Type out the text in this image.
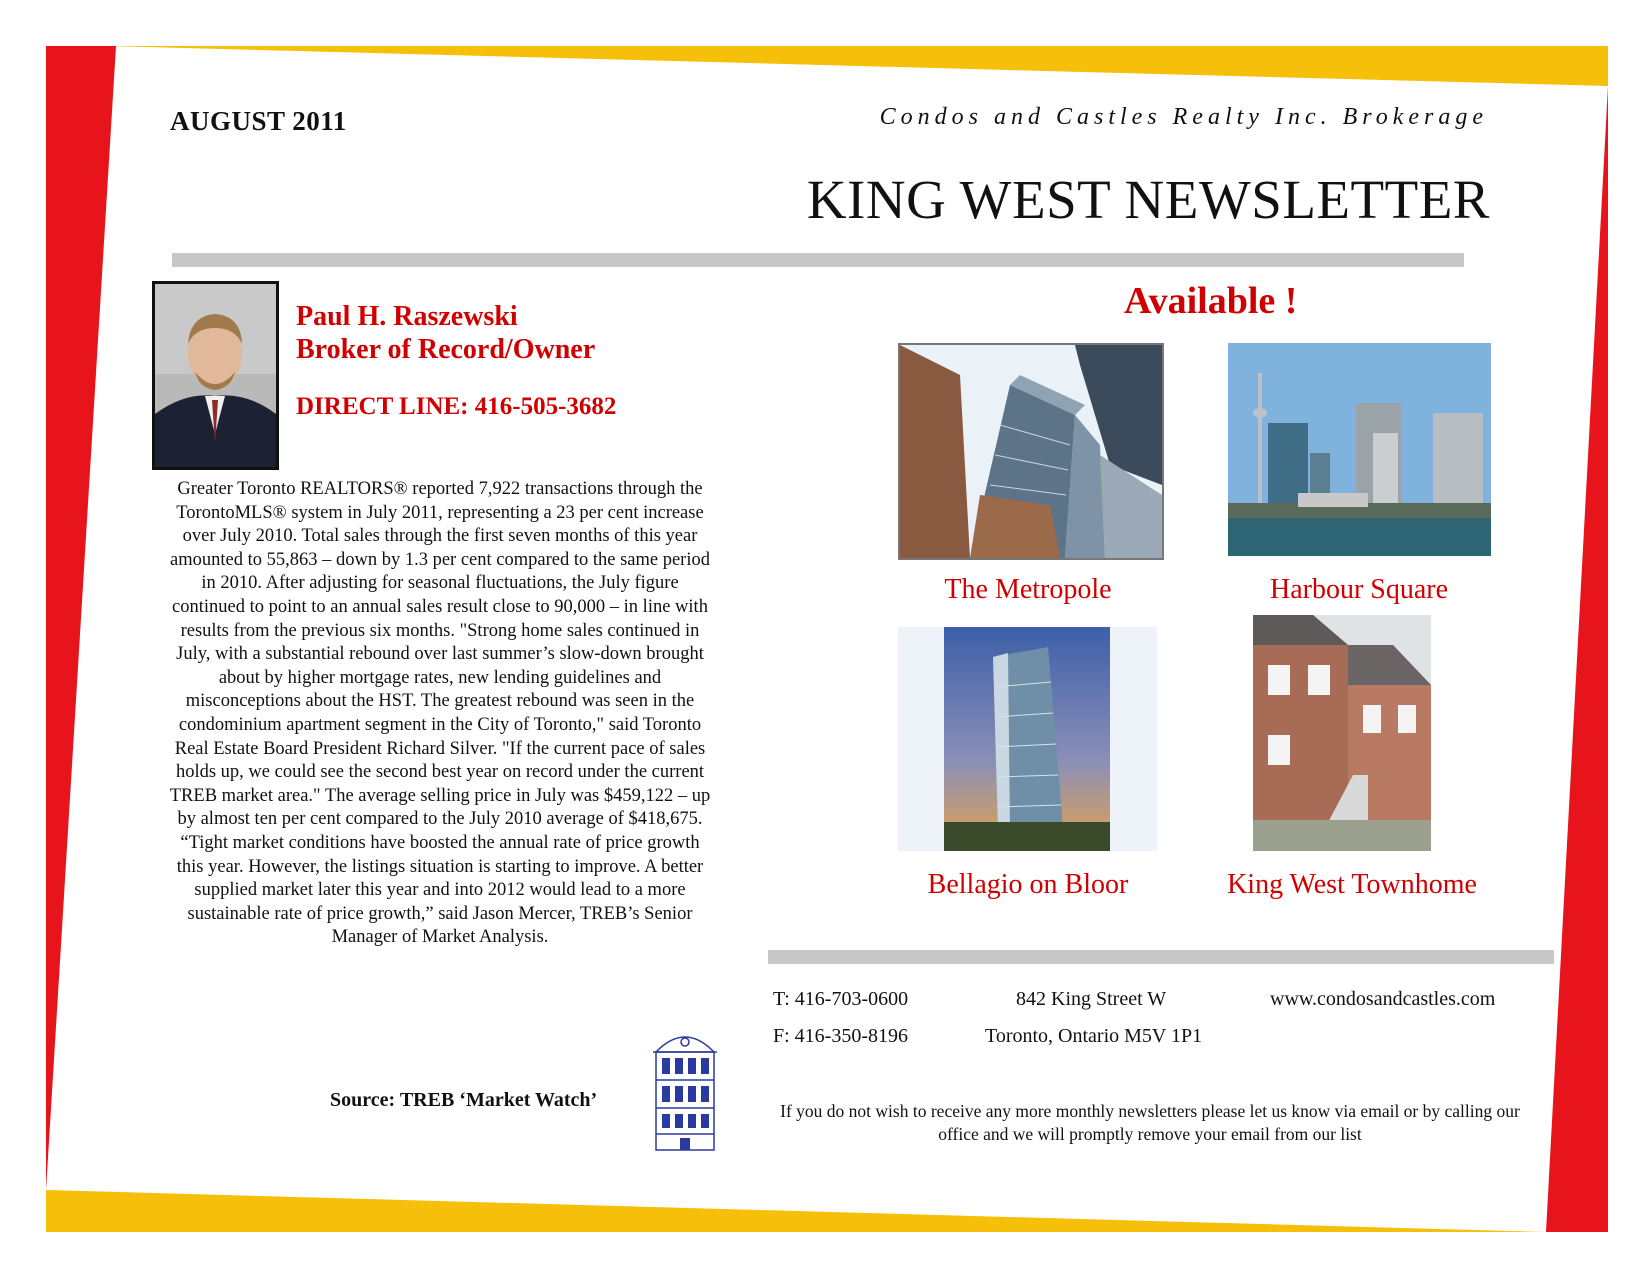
AUGUST 2011	Condos and Castles Realty Inc. Brokerage
KING WEST NEWSLETTER
Paul H. Raszewski
Broker of Record/Owner
DIRECT LINE: 416-505-3682
Greater Toronto REALTORS® reported 7,922 transactions through the TorontoMLS® system in July 2011, representing a 23 per cent increase over July 2010. Total sales through the first seven months of this year amounted to 55,863 – down by 1.3 per cent compared to the same period in 2010. After adjusting for seasonal fluctuations, the July figure continued to point to an annual sales result close to 90,000 – in line with results from the previous six months. "Strong home sales continued in July, with a substantial rebound over last summer’s slow-down brought about by higher mortgage rates, new lending guidelines and misconceptions about the HST. The greatest rebound was seen in the condominium apartment segment in the City of Toronto," said Toronto Real Estate Board President Richard Silver. "If the current pace of sales holds up, we could see the second best year on record under the current TREB market area." The average selling price in July was $459,122 – up by almost ten per cent compared to the July 2010 average of $418,675. “Tight market conditions have boosted the annual rate of price growth this year. However, the listings situation is starting to improve. A better supplied market later this year and into 2012 would lead to a more sustainable rate of price growth,” said Jason Mercer, TREB’s Senior Manager of Market Analysis.
Source: TREB ‘Market Watch’
Available !
The Metropole	Harbour Square
Bellagio on Bloor	King West Townhome
T: 416-703-0600
F: 416-350-8196
842 King Street W
Toronto, Ontario M5V 1P1
www.condosandcastles.com
If you do not wish to receive any more monthly newsletters please let us know via email or by calling our office and we will promptly remove your email from our list
